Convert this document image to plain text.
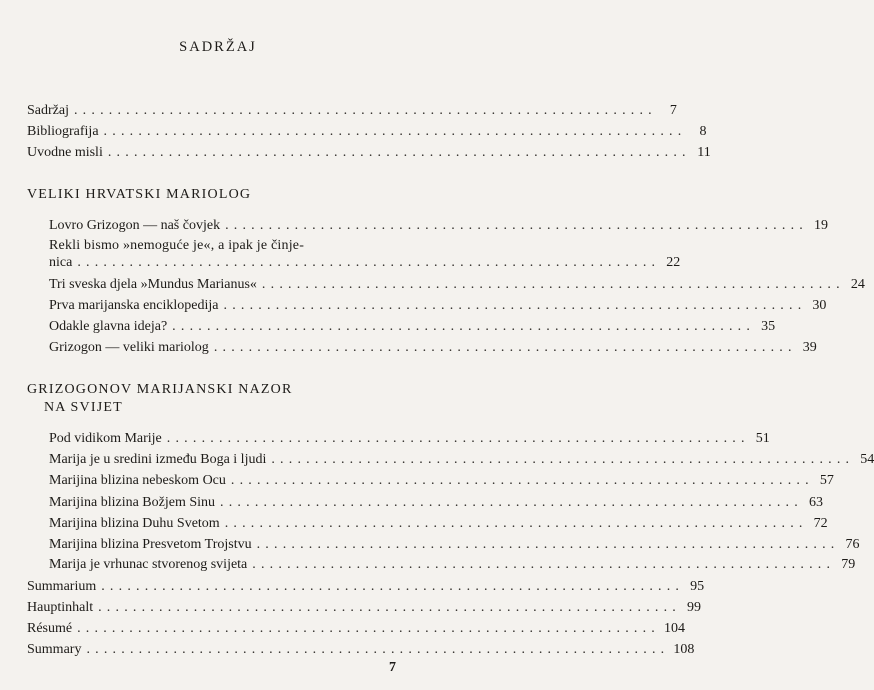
SADRŽAJ
Sadržaj ................................................................... 7
Bibliografija ................................................................... 8
Uvodne misli ................................................................... 11
VELIKI HRVATSKI MARIOLOG
Lovro Grizogon — naš čovjek ................................................................... 19
Rekli bismo »nemoguće je«, a ipak je činje-
nica ................................................................... 22
Tri sveska djela »Mundus Marianus« ................................................................... 24
Prva marijanska enciklopedija ................................................................... 30
Odakle glavna ideja? ................................................................... 35
Grizogon — veliki mariolog ................................................................... 39
GRIZOGONOV MARIJANSKI NAZOR
NA SVIJET
Pod vidikom Marije ................................................................... 51
Marija je u sredini između Boga i ljudi ................................................................... 54
Marijina blizina nebeskom Ocu ................................................................... 57
Marijina blizina Božjem Sinu ................................................................... 63
Marijina blizina Duhu Svetom ................................................................... 72
Marijina blizina Presvetom Trojstvu ................................................................... 76
Marija je vrhunac stvorenog svijeta ................................................................... 79
Summarium ................................................................... 95
Hauptinhalt ................................................................... 99
Résumé ................................................................... 104
Summary ................................................................... 108
7
